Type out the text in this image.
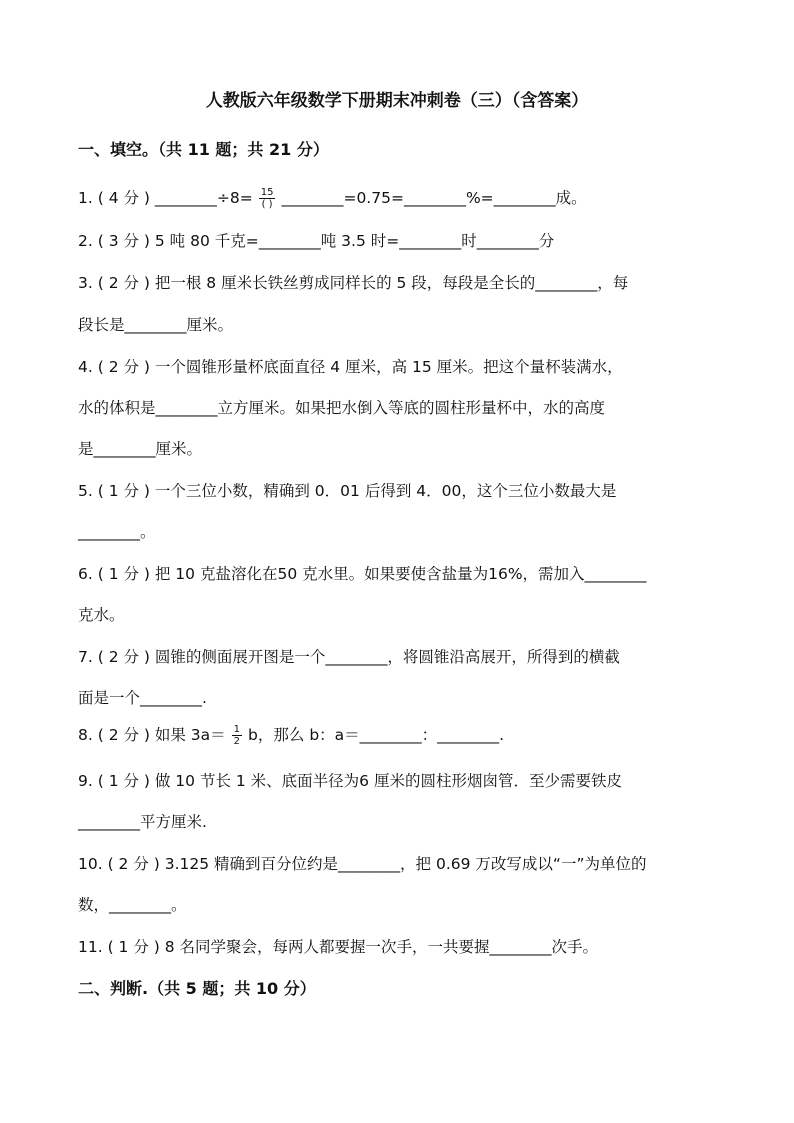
人教版六年级数学下册期末冲刺卷（三）（含答案）
一、填空。（共 11 题；共 21 分）
1. ( 4 分 ) ________÷8= $\frac{15}{( )}$ ________=0.75=________%=________成。
2. ( 3 分 ) 5 吨 80 千克=________吨 3.5 时=________时________分
3. ( 2 分 ) 把一根 8 厘米长铁丝剪成同样长的 5 段，每段是全长的________，每
段长是________厘米。
4. ( 2 分 ) 一个圆锥形量杯底面直径 4 厘米，高 15 厘米。把这个量杯装满水，
水的体积是________立方厘米。如果把水倒入等底的圆柱形量杯中，水的高度
是________厘米。
5. ( 1 分 ) 一个三位小数，精确到 0．01 后得到 4．00，这个三位小数最大是
________。
6. ( 1 分 ) 把 10 克盐溶化在50 克水里。如果要使含盐量为16%，需加入________
克水。
7. ( 2 分 ) 圆锥的侧面展开图是一个________，将圆锥沿高展开，所得到的横截
面是一个________.
8. ( 2 分 ) 如果 $3a= \frac{1}{2}$ b，那么 b：a＝________：________.
9. ( 1 分 ) 做 10 节长 1 米、底面半径为6 厘米的圆柱形烟囱管．至少需要铁皮
________平方厘米.
10. ( 2 分 ) 3.125 精确到百分位约是________，把 0.69 万改写成以“一”为单位的
数，________。
11. ( 1 分 ) 8 名同学聚会，每两人都要握一次手，一共要握________次手。
二、判断.（共 5 题；共 10 分）
